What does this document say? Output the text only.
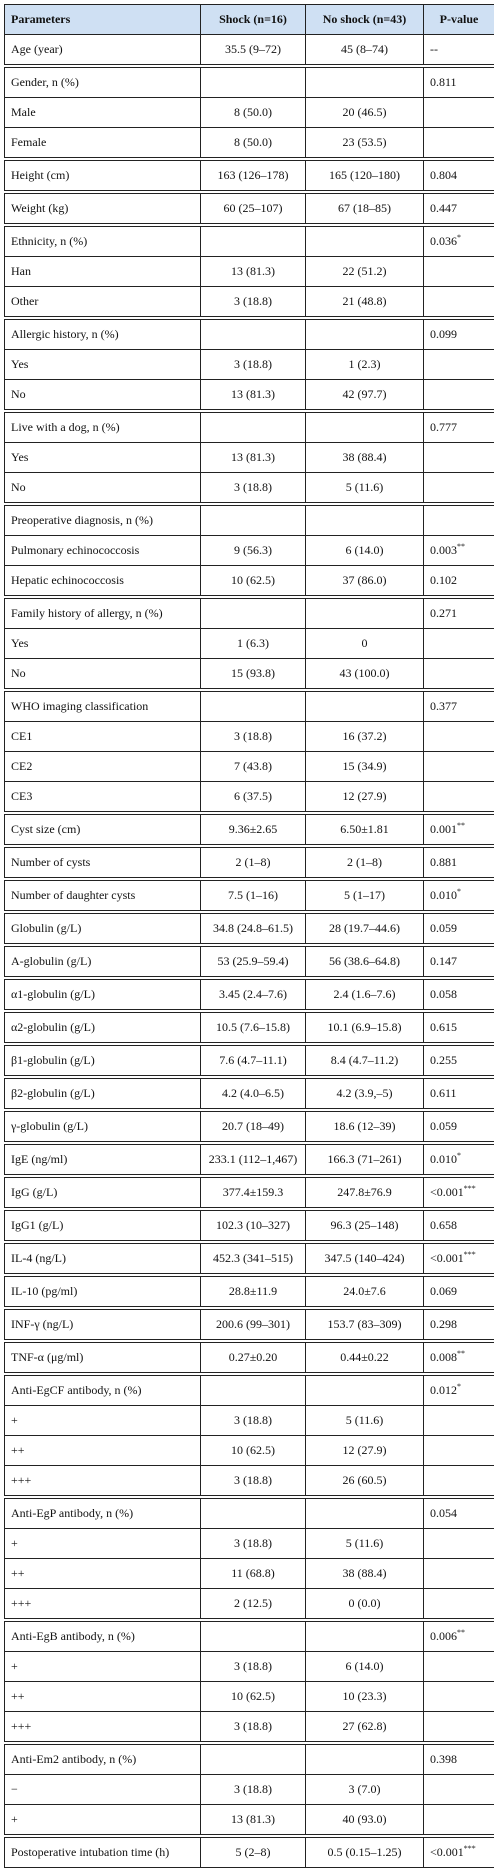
Parameters	Shock (n=16)	No shock (n=43)	P-value
Age (year)	35.5 (9–72)	45 (8–74)	--
Gender, n (%)			0.811
Male	8 (50.0)	20 (46.5)	
Female	8 (50.0)	23 (53.5)	
Height (cm)	163 (126–178)	165 (120–180)	0.804
Weight (kg)	60 (25–107)	67 (18–85)	0.447
Ethnicity, n (%)			0.036*
Han	13 (81.3)	22 (51.2)	
Other	3 (18.8)	21 (48.8)	
Allergic history, n (%)			0.099
Yes	3 (18.8)	1 (2.3)	
No	13 (81.3)	42 (97.7)	
Live with a dog, n (%)			0.777
Yes	13 (81.3)	38 (88.4)	
No	3 (18.8)	5 (11.6)	
Preoperative diagnosis, n (%)			
Pulmonary echinococcosis	9 (56.3)	6 (14.0)	0.003**
Hepatic echinococcosis	10 (62.5)	37 (86.0)	0.102
Family history of allergy, n (%)			0.271
Yes	1 (6.3)	0	
No	15 (93.8)	43 (100.0)	
WHO imaging classification			0.377
CE1	3 (18.8)	16 (37.2)	
CE2	7 (43.8)	15 (34.9)	
CE3	6 (37.5)	12 (27.9)	
Cyst size (cm)	9.36±2.65	6.50±1.81	0.001**
Number of cysts	2 (1–8)	2 (1–8)	0.881
Number of daughter cysts	7.5 (1–16)	5 (1–17)	0.010*
Globulin (g/L)	34.8 (24.8–61.5)	28 (19.7–44.6)	0.059
A-globulin (g/L)	53 (25.9–59.4)	56 (38.6–64.8)	0.147
α1-globulin (g/L)	3.45 (2.4–7.6)	2.4 (1.6–7.6)	0.058
α2-globulin (g/L)	10.5 (7.6–15.8)	10.1 (6.9–15.8)	0.615
β1-globulin (g/L)	7.6 (4.7–11.1)	8.4 (4.7–11.2)	0.255
β2-globulin (g/L)	4.2 (4.0–6.5)	4.2 (3.9,–5)	0.611
γ-globulin (g/L)	20.7 (18–49)	18.6 (12–39)	0.059
IgE (ng/ml)	233.1 (112–1,467)	166.3 (71–261)	0.010*
IgG (g/L)	377.4±159.3	247.8±76.9	<0.001***
IgG1 (g/L)	102.3 (10–327)	96.3 (25–148)	0.658
IL-4 (ng/L)	452.3 (341–515)	347.5 (140–424)	<0.001***
IL-10 (pg/ml)	28.8±11.9	24.0±7.6	0.069
INF-γ (ng/L)	200.6 (99–301)	153.7 (83–309)	0.298
TNF-α (μg/ml)	0.27±0.20	0.44±0.22	0.008**
Anti-EgCF antibody, n (%)			0.012*
+	3 (18.8)	5 (11.6)	
++	10 (62.5)	12 (27.9)	
+++	3 (18.8)	26 (60.5)	
Anti-EgP antibody, n (%)			0.054
+	3 (18.8)	5 (11.6)	
++	11 (68.8)	38 (88.4)	
+++	2 (12.5)	0 (0.0)	
Anti-EgB antibody, n (%)			0.006**
+	3 (18.8)	6 (14.0)	
++	10 (62.5)	10 (23.3)	
+++	3 (18.8)	27 (62.8)	
Anti-Em2 antibody, n (%)			0.398
−	3 (18.8)	3 (7.0)	
+	13 (81.3)	40 (93.0)	
Postoperative intubation time (h)	5 (2–8)	0.5 (0.15–1.25)	<0.001***
